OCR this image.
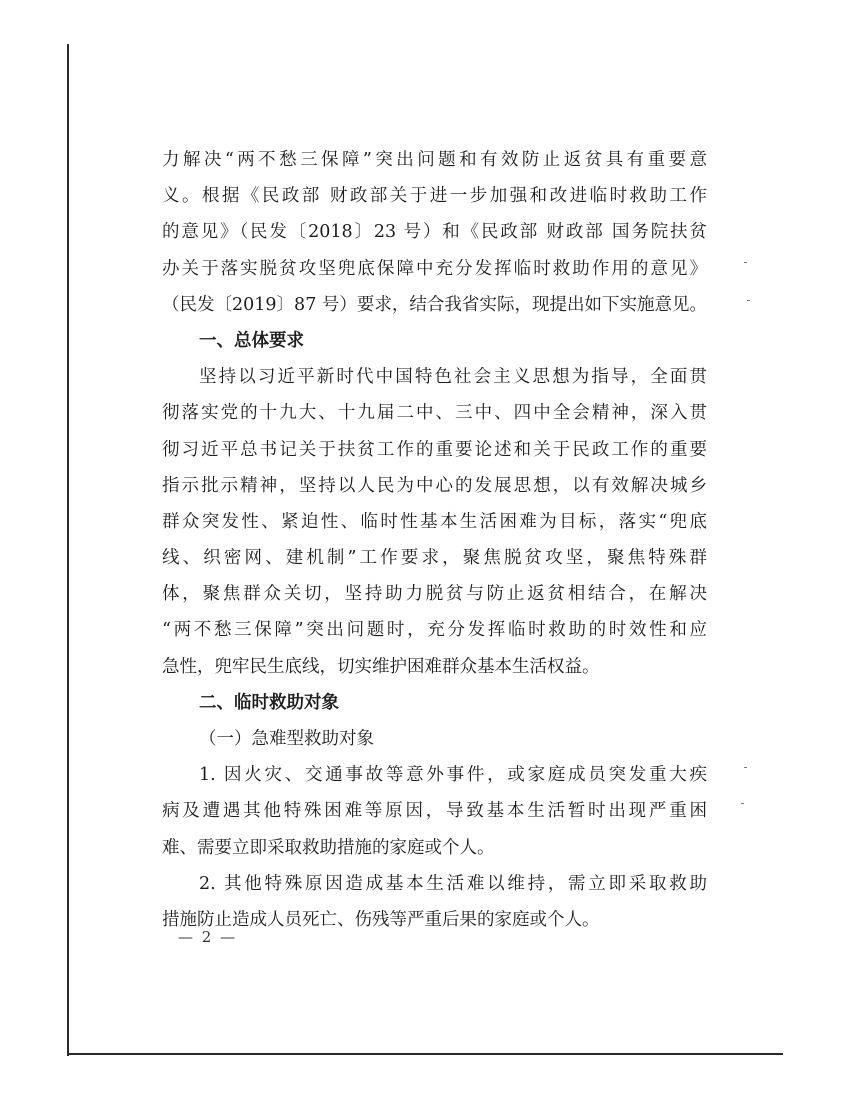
力解决“两不愁三保障”突出问题和有效防止返贫具有重要意
义。根据《民政部 财政部关于进一步加强和改进临时救助工作
的意见》（民发〔2018〕23 号）和《民政部 财政部 国务院扶贫
办关于落实脱贫攻坚兜底保障中充分发挥临时救助作用的意见》
（民发〔2019〕87 号）要求，结合我省实际，现提出如下实施意见。
一、总体要求
坚持以习近平新时代中国特色社会主义思想为指导，全面贯
彻落实党的十九大、十九届二中、三中、四中全会精神，深入贯
彻习近平总书记关于扶贫工作的重要论述和关于民政工作的重要
指示批示精神，坚持以人民为中心的发展思想，以有效解决城乡
群众突发性、紧迫性、临时性基本生活困难为目标，落实“兜底
线、织密网、建机制”工作要求，聚焦脱贫攻坚，聚焦特殊群
体，聚焦群众关切，坚持助力脱贫与防止返贫相结合，在解决
“两不愁三保障”突出问题时，充分发挥临时救助的时效性和应
急性，兜牢民生底线，切实维护困难群众基本生活权益。
二、临时救助对象
（一）急难型救助对象
1. 因火灾、交通事故等意外事件，或家庭成员突发重大疾
病及遭遇其他特殊困难等原因，导致基本生活暂时出现严重困
难、需要立即采取救助措施的家庭或个人。
2. 其他特殊原因造成基本生活难以维持，需立即采取救助
措施防止造成人员死亡、伤残等严重后果的家庭或个人。
— 2 —
